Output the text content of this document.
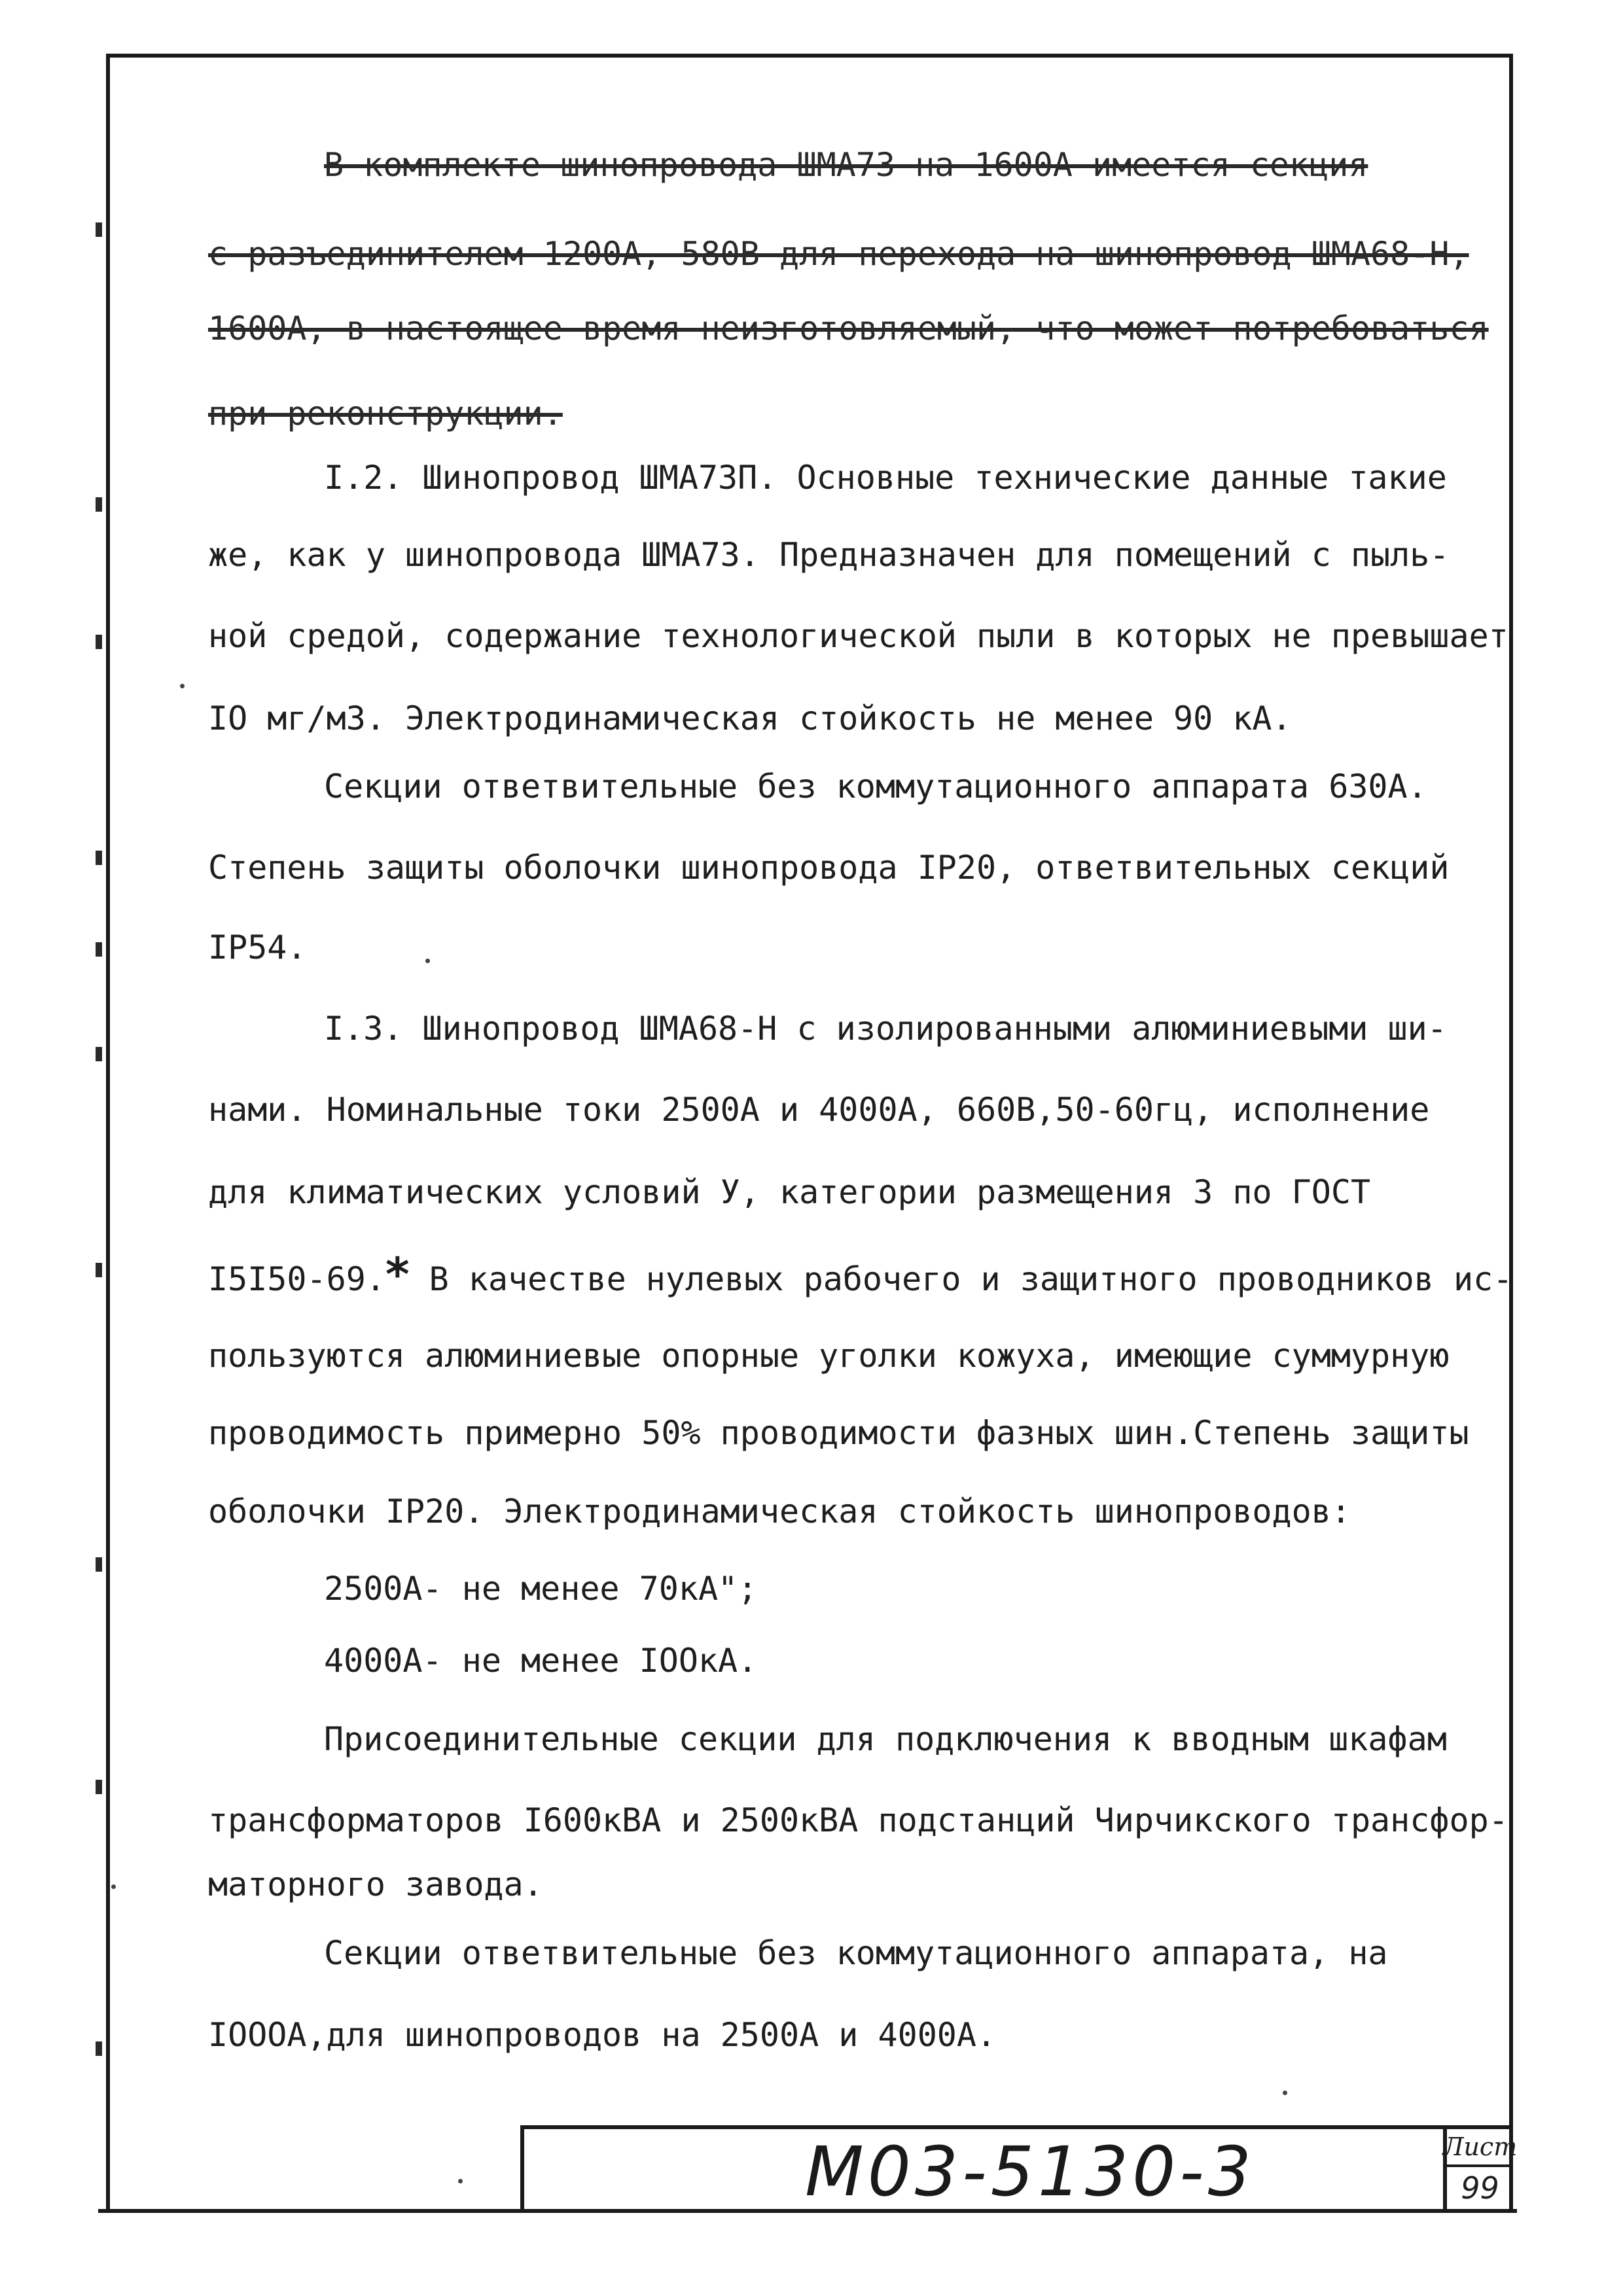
В комплекте шинопровода ШМА73 на 1600А имеется секция
с разъединителем 1200А, 580В для перехода на шинопровод ШМА68-Н,
1600А, в настоящее время неизготовляемый, что может потребоваться
при реконструкции.
I.2. Шинопровод ШМА73П. Основные технические данные такие
же, как у шинопровода ШМА73. Предназначен для помещений с пыль-
ной средой, содержание технологической пыли в которых не превышает
IO мг/м3. Электродинамическая стойкость не менее 90 кА.
Секции ответвительные без коммутационного аппарата 630А.
Степень защиты оболочки шинопровода IP20, ответвительных секций
IP54.
I.3. Шинопровод ШМА68-Н с изолированными алюминиевыми ши-
нами. Номинальные токи 2500А и 4000А, 660В,50-60гц, исполнение
для климатических условий У, категории размещения 3 по ГОСТ
I5I50-69.* В качестве нулевых рабочего и защитного проводников ис-
пользуются алюминиевые опорные уголки кожуха, имеющие суммурную
проводимость примерно 50% проводимости фазных шин.Степень защиты
оболочки IP20. Электродинамическая стойкость шинопроводов:
2500А- не менее 70кА";
4000А- не менее IOOкА.
Присоединительные секции для подключения к вводным шкафам
трансформаторов I600кВА и 2500кВА подстанций Чирчикского трансфор-
маторного завода.
Секции ответвительные без коммутационного аппарата, на
IOOOА,для шинопроводов на 2500А и 4000А.
М03-5130-3	Лист
99
